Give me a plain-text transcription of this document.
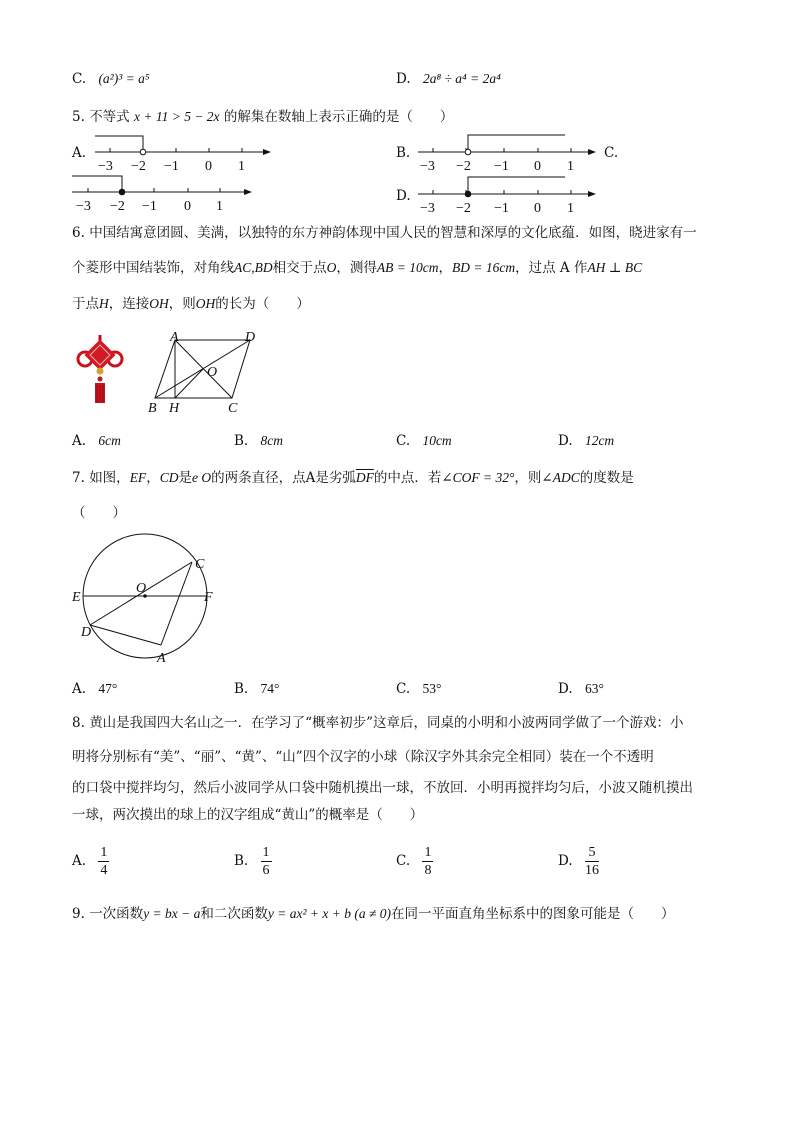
C. (a²)³ = a⁵	D. 2a⁸ ÷ a⁴ = 2a⁴
5. 不等式 x + 11 > 5 − 2x 的解集在数轴上表示正确的是（　　）
A.	B.	C.
D.
−3 −2 −1 0 1	−3 −2 −1 0 1
−3 −2 −1 0 1	−3 −2 −1 0 1
6. 中国结寓意团圆、美满，以独特的东方神韵体现中国人民的智慧和深厚的文化底蕴．如图，晓进家有一
个菱形中国结装饰，对角线AC,BD相交于点O，测得AB = 10cm，BD = 16cm，过点 A 作AH ⊥ BC
于点H，连接OH，则OH的长为（　　）
A	D
O
B H	C
A. 6cm	B. 8cm	C. 10cm	D. 12cm
7. 如图，EF，CD是e O的两条直径，点A是劣弧$\overline{DF}$的中点．若∠COF = 32°，则∠ADC的度数是
（　　）
C
O
E	F
D
A
A. 47°	B. 74°	C. 53°	D. 63°
8. 黄山是我国四大名山之一．在学习了“概率初步”这章后，同桌的小明和小波两同学做了一个游戏：小
明将分别标有“美”、“丽”、“黄”、“山”四个汉字的小球（除汉字外其余完全相同）装在一个不透明
的口袋中搅拌均匀，然后小波同学从口袋中随机摸出一球，不放回．小明再搅拌均匀后，小波又随机摸出
一球，两次摸出的球上的汉字组成“黄山”的概率是（　　）
A. $\frac{1}{4}$	B. $\frac{1}{6}$	C. $\frac{1}{8}$	D. $\frac{5}{16}$
9. 一次函数y = bx − a和二次函数y = ax² + x + b (a ≠ 0)在同一平面直角坐标系中的图象可能是（　　）
